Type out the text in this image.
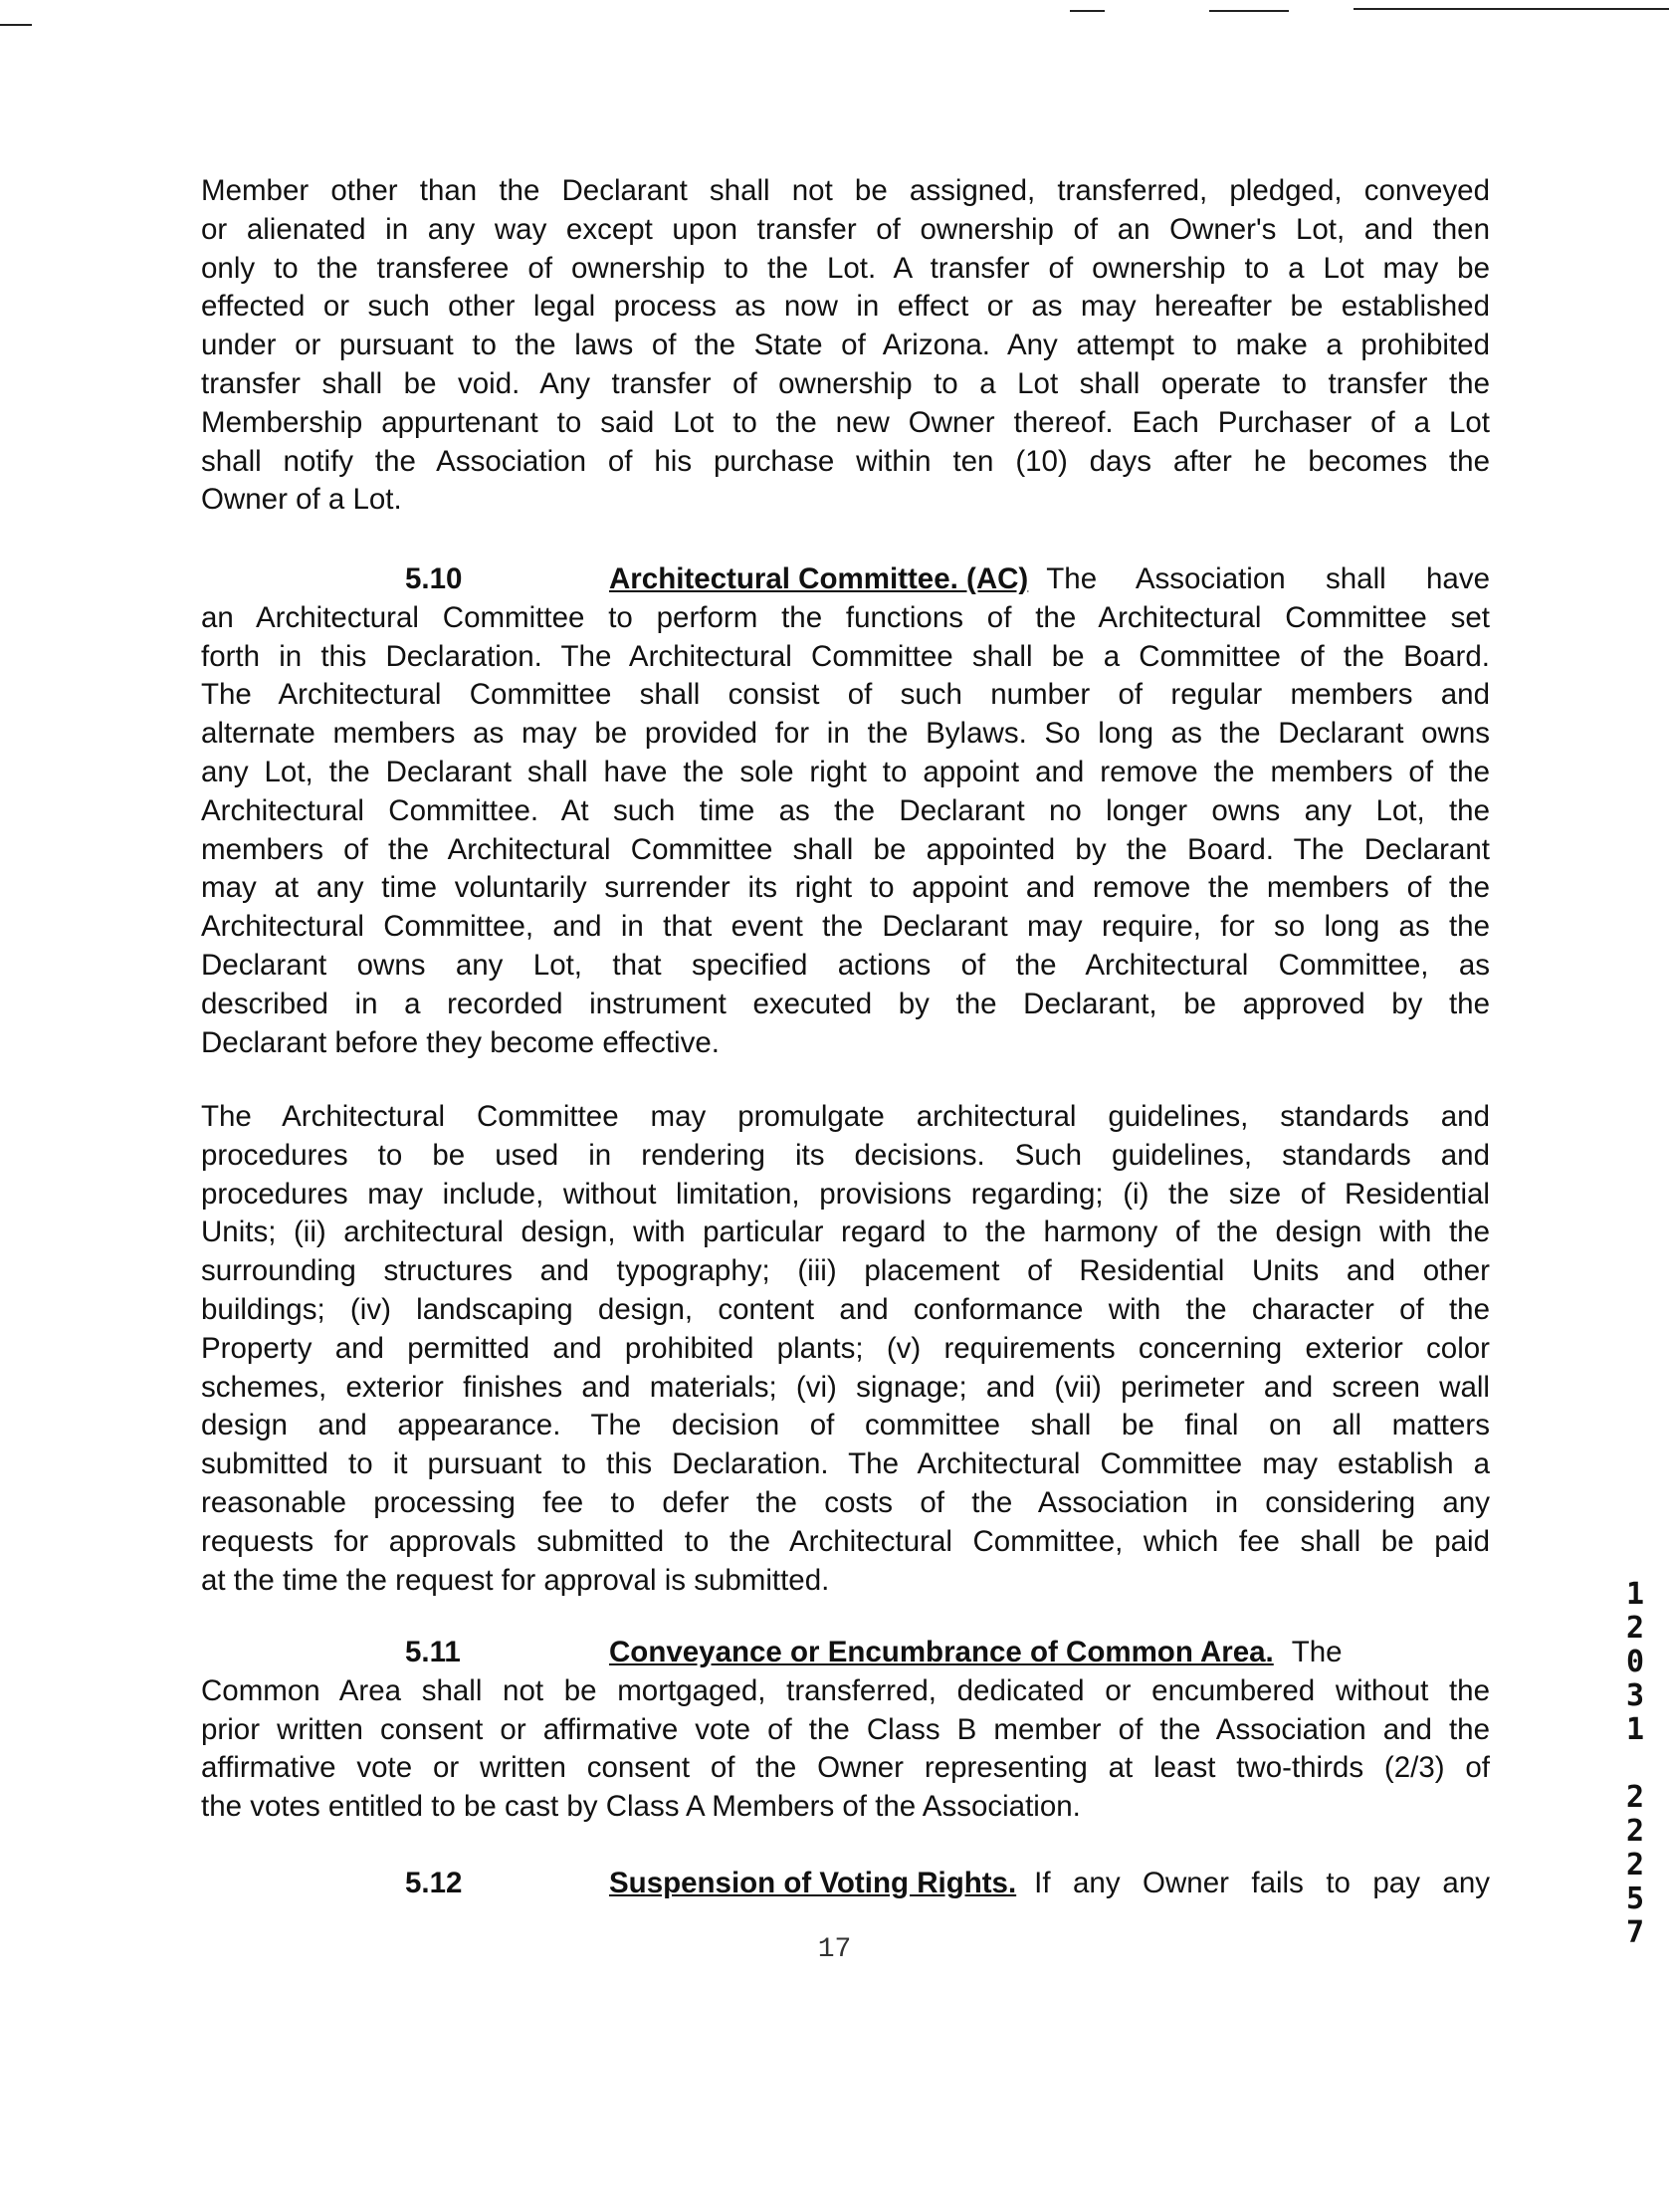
Member other than the Declarant shall not be assigned, transferred, pledged, conveyed
or alienated in any way except upon transfer of ownership of an Owner's Lot, and then
only to the transferee of ownership to the Lot. A transfer of ownership to a Lot may be
effected or such other legal process as now in effect or as may hereafter be established
under or pursuant to the laws of the State of Arizona. Any attempt to make a prohibited
transfer shall be void. Any transfer of ownership to a Lot shall operate to transfer the
Membership appurtenant to said Lot to the new Owner thereof. Each Purchaser of a Lot
shall notify the Association of his purchase within ten (10) days after he becomes the
Owner of a Lot.
5.10	Architectural Committee. (AC) The Association shall have
an Architectural Committee to perform the functions of the Architectural Committee set
forth in this Declaration. The Architectural Committee shall be a Committee of the Board.
The Architectural Committee shall consist of such number of regular members and
alternate members as may be provided for in the Bylaws. So long as the Declarant owns
any Lot, the Declarant shall have the sole right to appoint and remove the members of the
Architectural Committee. At such time as the Declarant no longer owns any Lot, the
members of the Architectural Committee shall be appointed by the Board. The Declarant
may at any time voluntarily surrender its right to appoint and remove the members of the
Architectural Committee, and in that event the Declarant may require, for so long as the
Declarant owns any Lot, that specified actions of the Architectural Committee, as
described in a recorded instrument executed by the Declarant, be approved by the
Declarant before they become effective.
The Architectural Committee may promulgate architectural guidelines, standards and
procedures to be used in rendering its decisions. Such guidelines, standards and
procedures may include, without limitation, provisions regarding; (i) the size of Residential
Units; (ii) architectural design, with particular regard to the harmony of the design with the
surrounding structures and typography; (iii) placement of Residential Units and other
buildings; (iv) landscaping design, content and conformance with the character of the
Property and permitted and prohibited plants; (v) requirements concerning exterior color
schemes, exterior finishes and materials; (vi) signage; and (vii) perimeter and screen wall
design and appearance. The decision of committee shall be final on all matters
submitted to it pursuant to this Declaration. The Architectural Committee may establish a
reasonable processing fee to defer the costs of the Association in considering any
requests for approvals submitted to the Architectural Committee, which fee shall be paid
at the time the request for approval is submitted.
5.11	Conveyance or Encumbrance of Common Area. The
Common Area shall not be mortgaged, transferred, dedicated or encumbered without the
prior written consent or affirmative vote of the Class B member of the Association and the
affirmative vote or written consent of the Owner representing at least two-thirds (2/3) of
the votes entitled to be cast by Class A Members of the Association.
5.12	Suspension of Voting Rights. If any Owner fails to pay any
17
1
2
0
3
1
2
2
2
5
7
